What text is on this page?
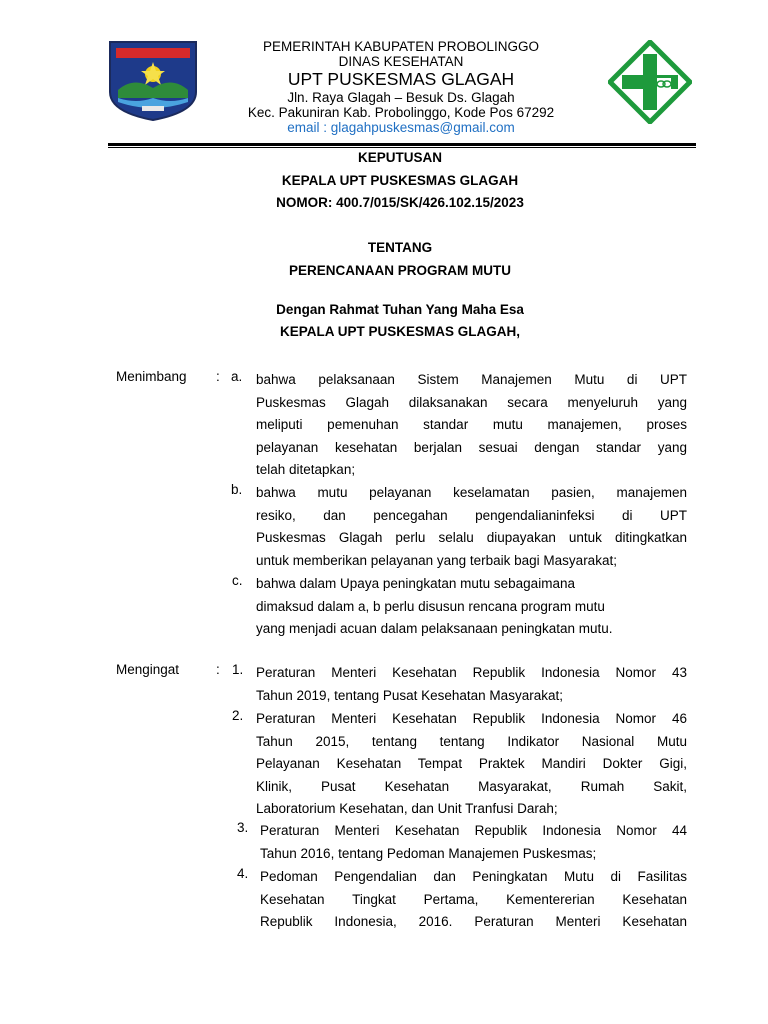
PEMERINTAH KABUPATEN PROBOLINGGO
DINAS KESEHATAN
UPT PUSKESMAS GLAGAH
Jln. Raya Glagah – Besuk Ds. Glagah
Kec. Pakuniran Kab. Probolinggo, Kode Pos 67292
email : glagahpuskesmas@gmail.com
KEPUTUSAN
KEPALA UPT PUSKESMAS GLAGAH
NOMOR: 400.7/015/SK/426.102.15/2023
TENTANG
PERENCANAAN PROGRAM MUTU
Dengan Rahmat Tuhan Yang Maha Esa
KEPALA UPT PUSKESMAS GLAGAH,
Menimbang : a. bahwa pelaksanaan Sistem Manajemen Mutu di UPT
Puskesmas Glagah dilaksanakan secara menyeluruh yang
meliputi pemenuhan standar mutu manajemen, proses
pelayanan kesehatan berjalan sesuai dengan standar yang
telah ditetapkan;
b. bahwa mutu pelayanan keselamatan pasien, manajemen
resiko, dan pencegahan pengendalianinfeksi di UPT
Puskesmas Glagah perlu selalu diupayakan untuk ditingkatkan
untuk memberikan pelayanan yang terbaik bagi Masyarakat;
c. bahwa dalam Upaya peningkatan mutu sebagaimana
dimaksud dalam a, b perlu disusun rencana program mutu
yang menjadi acuan dalam pelaksanaan peningkatan mutu.
Mengingat	: 1. Peraturan Menteri Kesehatan Republik Indonesia Nomor 43
Tahun 2019, tentang Pusat Kesehatan Masyarakat;
2. Peraturan Menteri Kesehatan Republik Indonesia Nomor 46
Tahun 2015, tentang tentang Indikator Nasional Mutu
Pelayanan Kesehatan Tempat Praktek Mandiri Dokter Gigi,
Klinik, Pusat Kesehatan Masyarakat, Rumah Sakit,
Laboratorium Kesehatan, dan Unit Tranfusi Darah;
3. Peraturan Menteri Kesehatan Republik Indonesia Nomor 44
Tahun 2016, tentang Pedoman Manajemen Puskesmas;
4. Pedoman Pengendalian dan Peningkatan Mutu di Fasilitas
Kesehatan Tingkat Pertama, Kementererian Kesehatan
Republik Indonesia, 2016. Peraturan Menteri Kesehatan
